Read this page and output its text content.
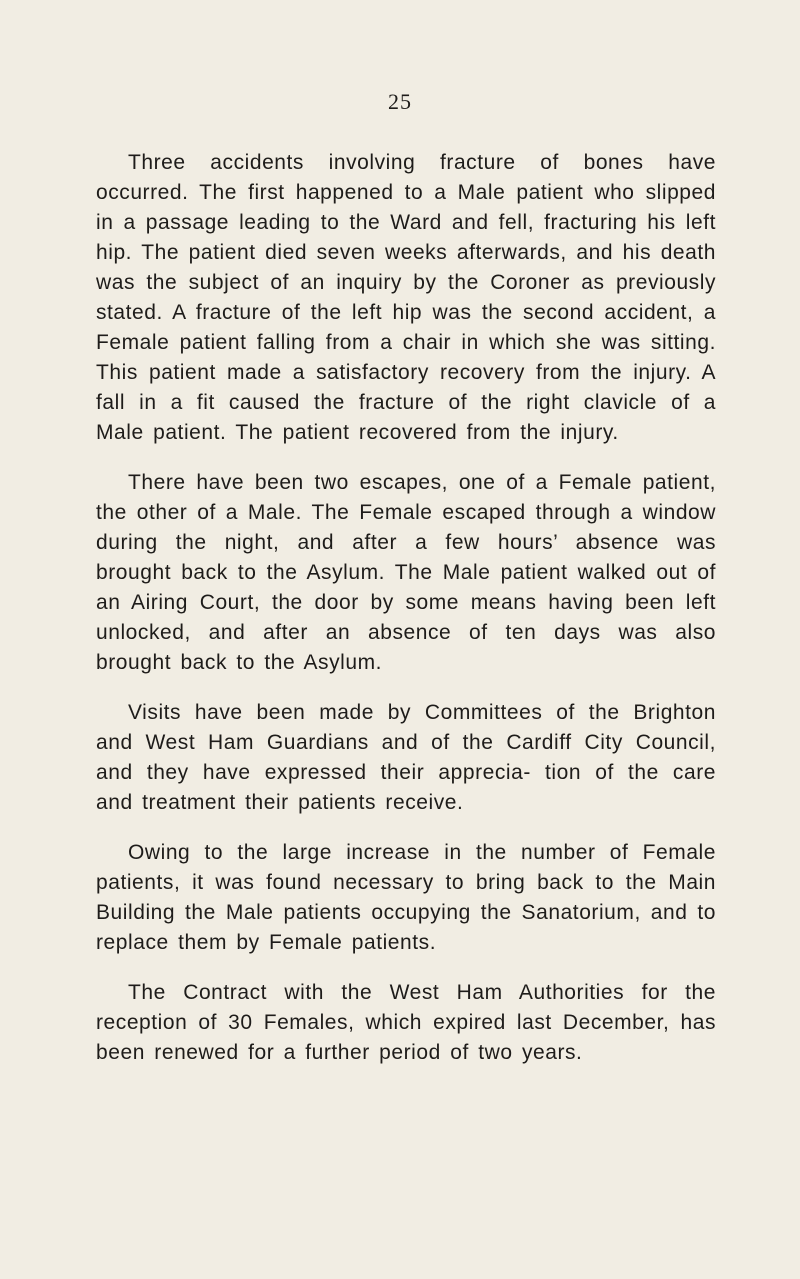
25

Three accidents involving fracture of bones have occurred. The first happened to a Male patient who slipped in a passage leading to the Ward and fell, fracturing his left hip. The patient died seven weeks afterwards, and his death was the subject of an inquiry by the Coroner as previously stated. A fracture of the left hip was the second accident, a Female patient falling from a chair in which she was sitting. This patient made a satisfactory recovery from the injury. A fall in a fit caused the fracture of the right clavicle of a Male patient. The patient recovered from the injury.

There have been two escapes, one of a Female patient, the other of a Male. The Female escaped through a window during the night, and after a few hours’ absence was brought back to the Asylum. The Male patient walked out of an Airing Court, the door by some means having been left unlocked, and after an absence of ten days was also brought back to the Asylum.

Visits have been made by Committees of the Brighton and West Ham Guardians and of the Cardiff City Council, and they have expressed their apprecia- tion of the care and treatment their patients receive.

Owing to the large increase in the number of Female patients, it was found necessary to bring back to the Main Building the Male patients occupying the Sanatorium, and to replace them by Female patients.

The Contract with the West Ham Authorities for the reception of 30 Females, which expired last December, has been renewed for a further period of two years.
